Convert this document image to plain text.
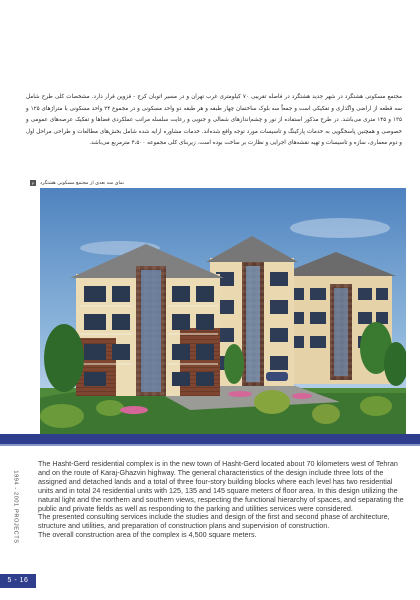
مجتمع مسکونی هشتگرد در شهر جدید هشتگرد در فاصله تقریبی ۷۰ کیلومتری غرب تهران و در مسیر اتوبان کرج - قزوین قرار دارد. مشخصات کلی طرح شامل سه قطعه از اراضی واگذاری و تفکیکی است و جمعاً سه بلوک ساختمان چهار طبقه و هر طبقه دو واحد مسکونی و در مجموع ۲۴ واحد مسکونی با متراژهای ۱۲۵ و ۱۳۵ و ۱۴۵ متری می‌باشد. در طرح مذکور استفاده از نور و چشم‌اندازهای شمالی و جنوبی و رعایت سلسله مراتب عملکردی فضاها و تفکیک عرصه‌های عمومی و خصوصی و همچنین پاسخگویی به خدمات پارکینگ و تاسیسات مورد توجه واقع شده‌اند. خدمات مشاوره ارایه شده شامل بخش‌های مطالعات و طراحی مراحل اول و دوم معماری، سازه و تاسیسات و تهیه نقشه‌های اجرایی و نظارت بر ساخت بوده است. زیربنای کلی مجموعه ۴،۵۰۰ مترمربع می‌باشد.
۳	نمای سه بعدی از مجتمع مسکونی هشتگرد
1994 - 2001 PROJECTS

The Hasht-Gerd residential complex is in the new town of Hasht-Gerd located about 70 kilometers west of Tehran and on the route of Karaj-Ghazvin highway. The general characteristics of the design include three lots of the assigned and detached lands and a total of three four-story building blocks where each level has two residential units and in total 24 residential units with 125, 135 and 145 square meters of floor area. In this design utilizing the natural light and the northern and southern views, respecting the functional hierarchy of spaces, and separating the public and private fields as well as responding to the parking and utilities services were considered.

The presented consulting services include the studies and design of the first and second phase of architecture, structure and utilities, and preparation of construction plans and supervision of construction.

The overall construction area of the complex is 4,500 square meters.

5 - 16
